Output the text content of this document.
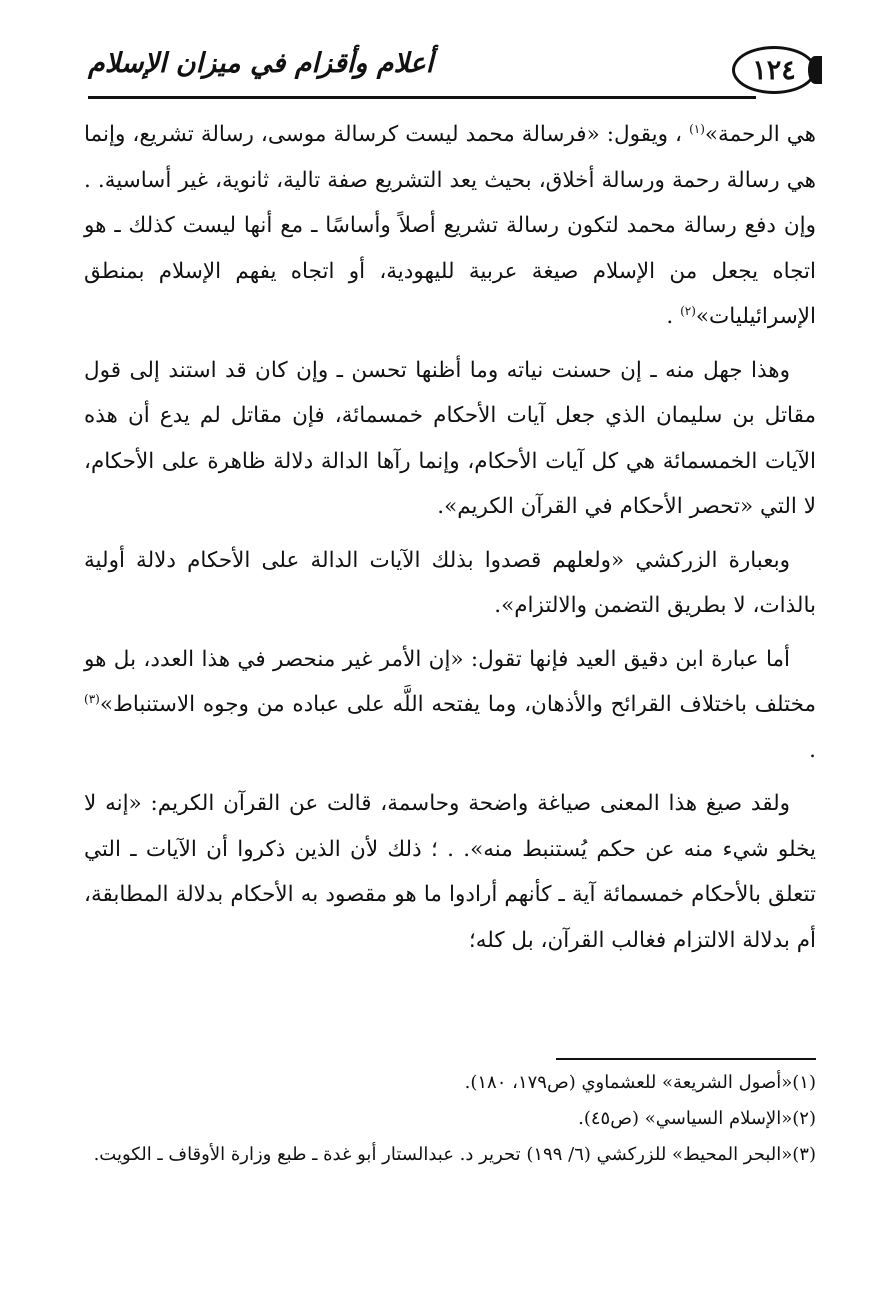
١٢٤
أعلام وأقزام في ميزان الإسلام

هي الرحمة»$^{(١)}$ ، ويقول: «فرسالة محمد ليست كرسالة موسى، رسالة تشريع، وإنما هي رسالة رحمة ورسالة أخلاق، بحيث يعد التشريع صفة تالية، ثانوية، غير أساسية. . وإن دفع رسالة محمد لتكون رسالة تشريع أصلاً وأساسًا ـ مع أنها ليست كذلك ـ هو اتجاه يجعل من الإسلام صيغة عربية لليهودية، أو اتجاه يفهم الإسلام بمنطق الإسرائيليات»$^{(٢)}$ .

وهذا جهل منه ـ إن حسنت نياته وما أظنها تحسن ـ وإن كان قد استند إلى قول مقاتل بن سليمان الذي جعل آيات الأحكام خمسمائة، فإن مقاتل لم يدع أن هذه الآيات الخمسمائة هي كل آيات الأحكام، وإنما رآها الدالة دلالة ظاهرة على الأحكام، لا التي «تحصر الأحكام في القرآن الكريم».

وبعبارة الزركشي «ولعلهم قصدوا بذلك الآيات الدالة على الأحكام دلالة أولية بالذات، لا بطريق التضمن والالتزام».

أما عبارة ابن دقيق العيد فإنها تقول: «إن الأمر غير منحصر في هذا العدد، بل هو مختلف باختلاف القرائح والأذهان، وما يفتحه اللَّه على عباده من وجوه الاستنباط»$^{(٣)}$ .

ولقد صيغ هذا المعنى صياغة واضحة وحاسمة، قالت عن القرآن الكريم: «إنه لا يخلو شيء منه عن حكم يُستنبط منه». . ؛ ذلك لأن الذين ذكروا أن الآيات ـ التي تتعلق بالأحكام خمسمائة آية ـ كأنهم أرادوا ما هو مقصود به الأحكام بدلالة المطابقة، أم بدلالة الالتزام فغالب القرآن، بل كله؛

(١)«أصول الشريعة» للعشماوي (ص١٧٩، ١٨٠).
(٢)«الإسلام السياسي» (ص٤٥).
(٣)«البحر المحيط» للزركشي (٦/ ١٩٩) تحرير د. عبدالستار أبو غدة ـ طبع وزارة الأوقاف ـ الكويت.
